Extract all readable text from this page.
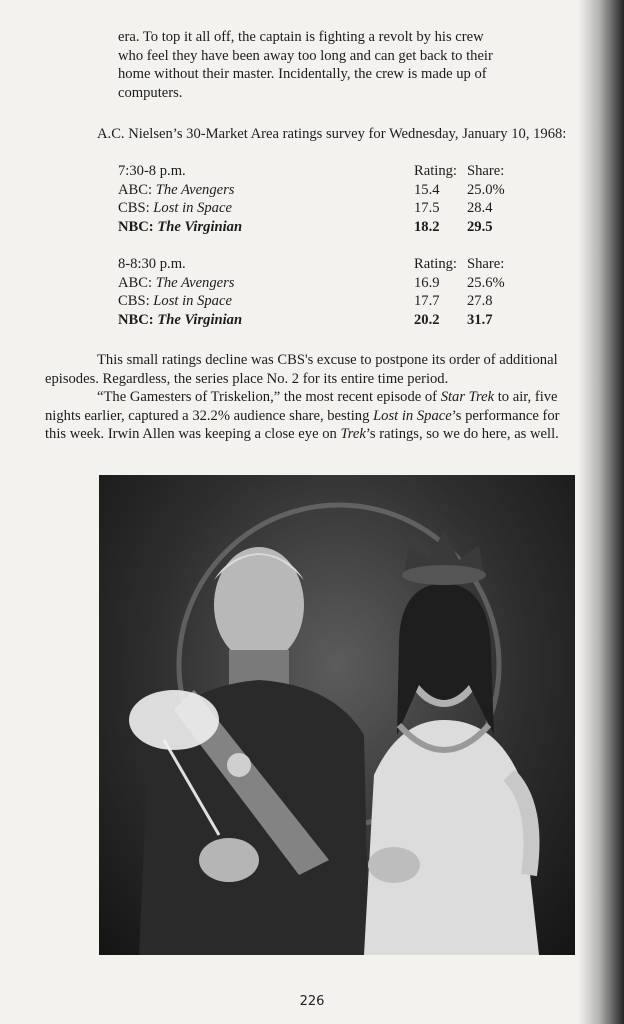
era. To top it all off, the captain is fighting a revolt by his crew
who feel they have been away too long and can get back to their
home without their master. Incidentally, the crew is made up of
computers.
A.C. Nielsen’s 30-Market Area ratings survey for Wednesday, January 10, 1968:
7:30-8 p.m.	Rating: Share:
ABC: The Avengers	15.4 25.0%
CBS: Lost in Space	17.5 28.4
NBC: The Virginian	18.2 29.5
8-8:30 p.m.	Rating: Share:
ABC: The Avengers	16.9 25.6%
CBS: Lost in Space	17.7 27.8
NBC: The Virginian	20.2 31.7

This small ratings decline was CBS's excuse to postpone its order of additional

episodes. Regardless, the series place No. 2 for its entire time period.

“The Gamesters of Triskelion,” the most recent episode of Star Trek to air, five

nights earlier, captured a 32.2% audience share, besting Lost in Space’s performance for

this week. Irwin Allen was keeping a close eye on Trek’s ratings, so we do here, as well.

226
